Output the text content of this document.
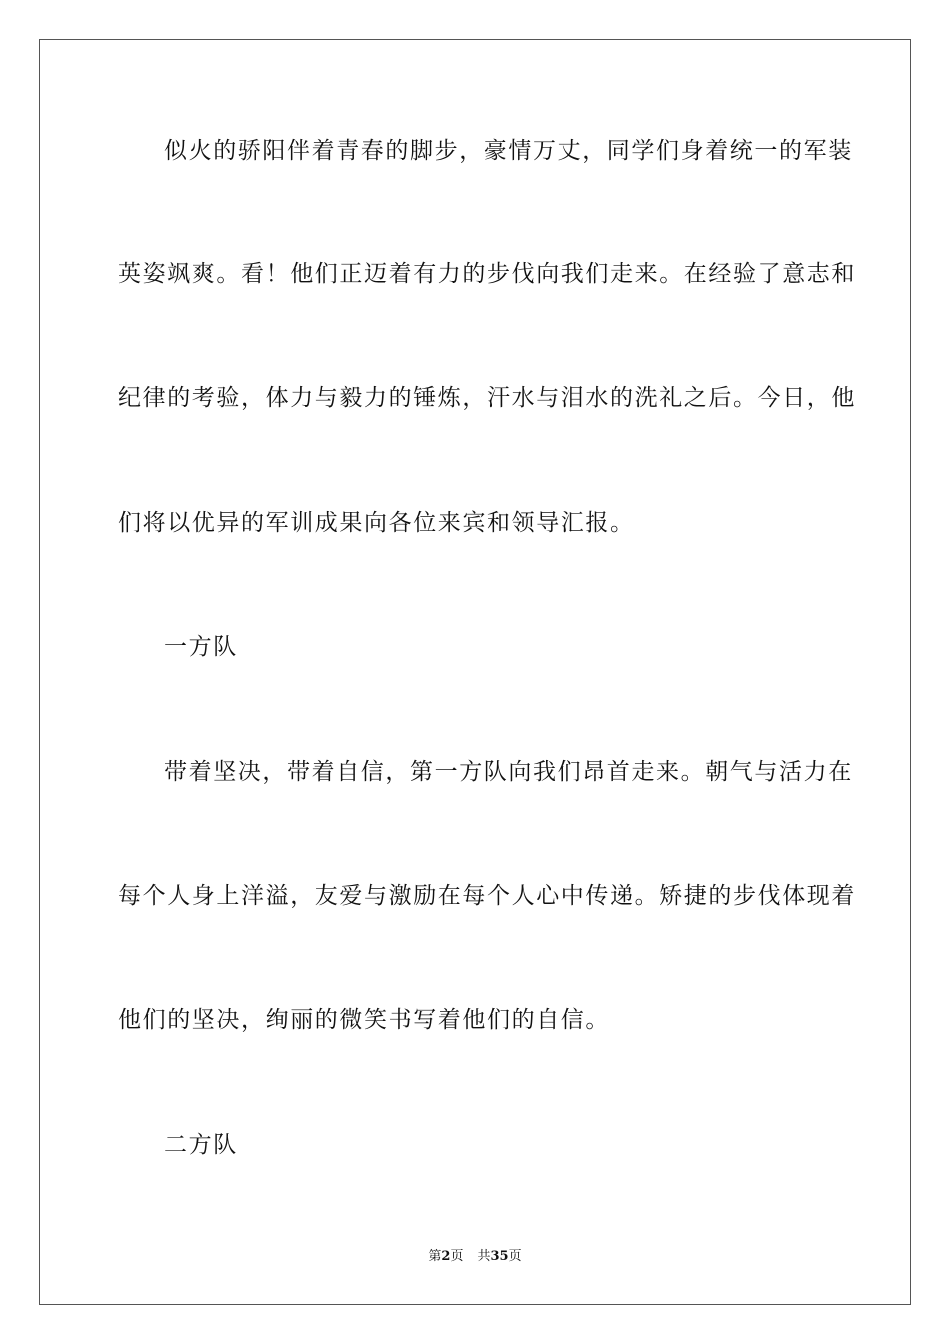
似火的骄阳伴着青春的脚步，豪情万丈，同学们身着统一的军装
英姿飒爽。看！他们正迈着有力的步伐向我们走来。在经验了意志和
纪律的考验，体力与毅力的锤炼，汗水与泪水的洗礼之后。今日，他
们将以优异的军训成果向各位来宾和领导汇报。
一方队
带着坚决，带着自信，第一方队向我们昂首走来。朝气与活力在
每个人身上洋溢，友爱与激励在每个人心中传递。矫捷的步伐体现着
他们的坚决，绚丽的微笑书写着他们的自信。
二方队
第2页 共35页
